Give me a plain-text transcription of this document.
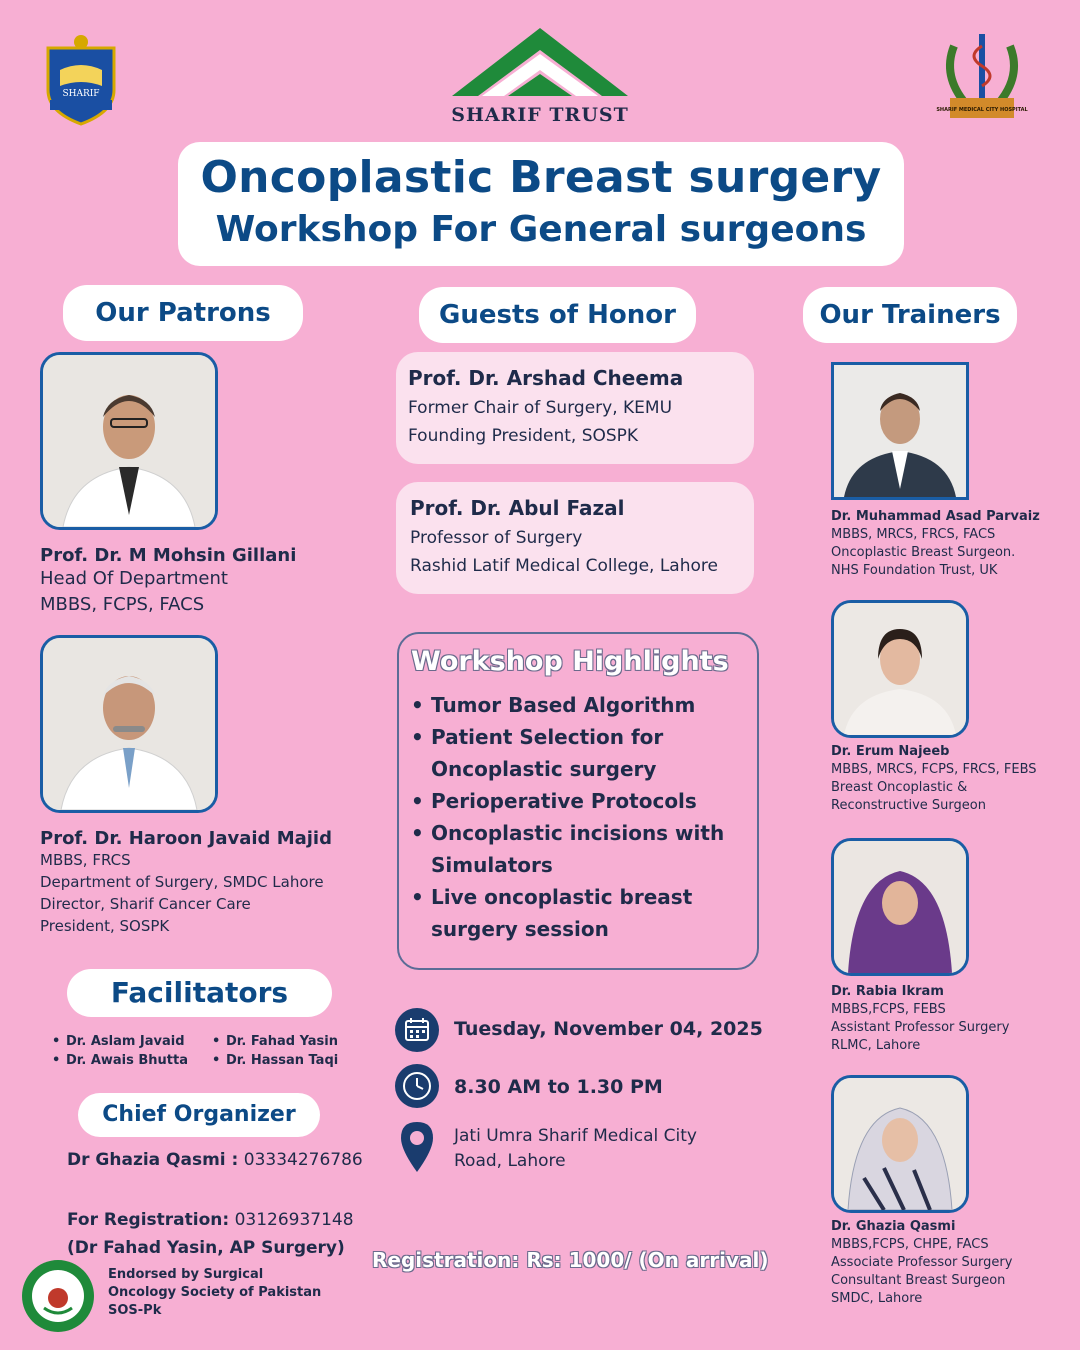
SHARIF
SHARIF TRUST	SHARIF MEDICAL CITY HOSPITAL
Oncoplastic Breast surgery
Workshop For General surgeons
Our Patrons
Prof. Dr. M Mohsin Gillani
Head Of Department
MBBS, FCPS, FACS
Prof. Dr. Haroon Javaid Majid
MBBS, FRCS
Department of Surgery, SMDC Lahore
Director, Sharif Cancer Care
President, SOSPK
Guests of Honor
Prof. Dr. Arshad Cheema
Former Chair of Surgery, KEMU
Founding President, SOSPK
Prof. Dr. Abul Fazal
Professor of Surgery
Rashid Latif Medical College, Lahore
Workshop Highlights
• Tumor Based Algorithm
• Patient Selection for
Oncoplastic surgery
• Perioperative Protocols
• Oncoplastic incisions with
Simulators
• Live oncoplastic breast
surgery session
Our Trainers
Dr. Muhammad Asad Parvaiz
MBBS, MRCS, FRCS, FACS
Oncoplastic Breast Surgeon.
NHS Foundation Trust, UK
Dr. Erum Najeeb
MBBS, MRCS, FCPS, FRCS, FEBS
Breast Oncoplastic &
Reconstructive Surgeon
Dr. Rabia Ikram
MBBS,FCPS, FEBS
Assistant Professor Surgery
RLMC, Lahore
Dr. Ghazia Qasmi
MBBS,FCPS, CHPE, FACS
Associate Professor Surgery
Consultant Breast Surgeon
SMDC, Lahore
Facilitators
• Dr. Aslam Javaid
• Dr. Awais Bhutta
• Dr. Fahad Yasin
• Dr. Hassan Taqi
Chief Organizer
Dr Ghazia Qasmi : 03334276786
For Registration: 03126937148
(Dr Fahad Yasin, AP Surgery)
Endorsed by Surgical
Oncology Society of Pakistan
SOS-Pk
Tuesday, November 04, 2025
8.30 AM to 1.30 PM
Jati Umra Sharif Medical City
Road, Lahore
Registration: Rs: 1000/ (On arrival)
